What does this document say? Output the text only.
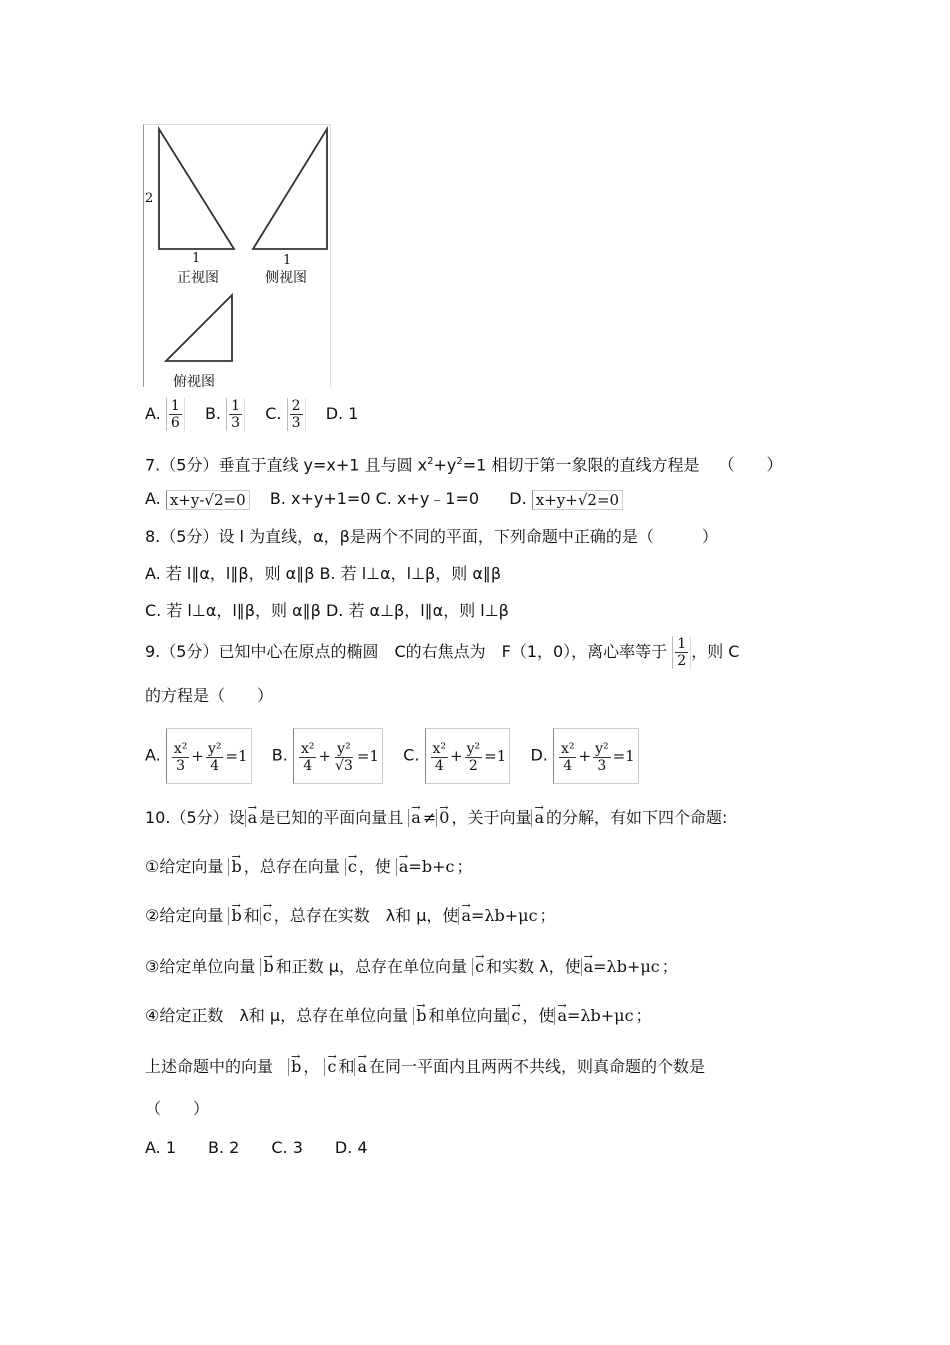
2
1	1
正视图	侧视图
俯视图
A. $\frac{1}{6} B$. $\frac{1}{3} C$. $\frac{2}{3} D$. 1
7.（5分）垂直于直线 y=x+1 且与圆 $x^2+y^2=1$ 相切于第一象限的直线方程是 （　　）
A. x+y-√2=0 B. x+y+1=0 C. x+y﹣1=0 D. x+y+√2=0
8.（5分）设 l 为直线，α，β是两个不同的平面，下列命题中正确的是（　　　）
A. 若 l∥α，l∥β，则 α∥β B. 若 l⊥α，l⊥β，则 α∥β
C. 若 l⊥α，l∥β，则 α∥β D. 若 α⊥β，l∥α，则 l⊥β
9.（5分）已知中心在原点的椭圆　C的右焦点为　F（1，0），离心率等于 $\frac{1}{2}$ ，则 C
的方程是（　　）
A. $\frac{\text{x²}}{3} + \frac{\text{y²}}{4} =1$ B. $\frac{\text{x²}}{4} + \frac{\text{y²}}{√3} =1$ C. $\frac{\text{x²}}{4} + \frac{\text{y²}}{2} =1$ D. $\frac{\text{x²}}{4} + \frac{\text{y²}}{3} =1$
10.（5分）设 → a 是已知的平面向量且 → a ≠ → 0 ，关于向量 → a 的分解，有如下四个命题:
①给定向量 → b ，总存在向量 → c ，使 → a=b+c ；
②给定向量 → b 和 → c ，总存在实数　λ和 μ，使 → a=λb+μc ；
③给定单位向量 → b 和正数 μ，总存在单位向量 → c 和实数 λ，使 → a=λb+μc ；
④给定正数　λ和 μ，总存在单位向量 → b 和单位向量 → c ，使 → a=λb+μc ；
上述命题中的向量 → b ， → c 和 → a 在同一平面内且两两不共线，则真命题的个数是
（　　）
A. 1　　B. 2　　C. 3　　D. 4
